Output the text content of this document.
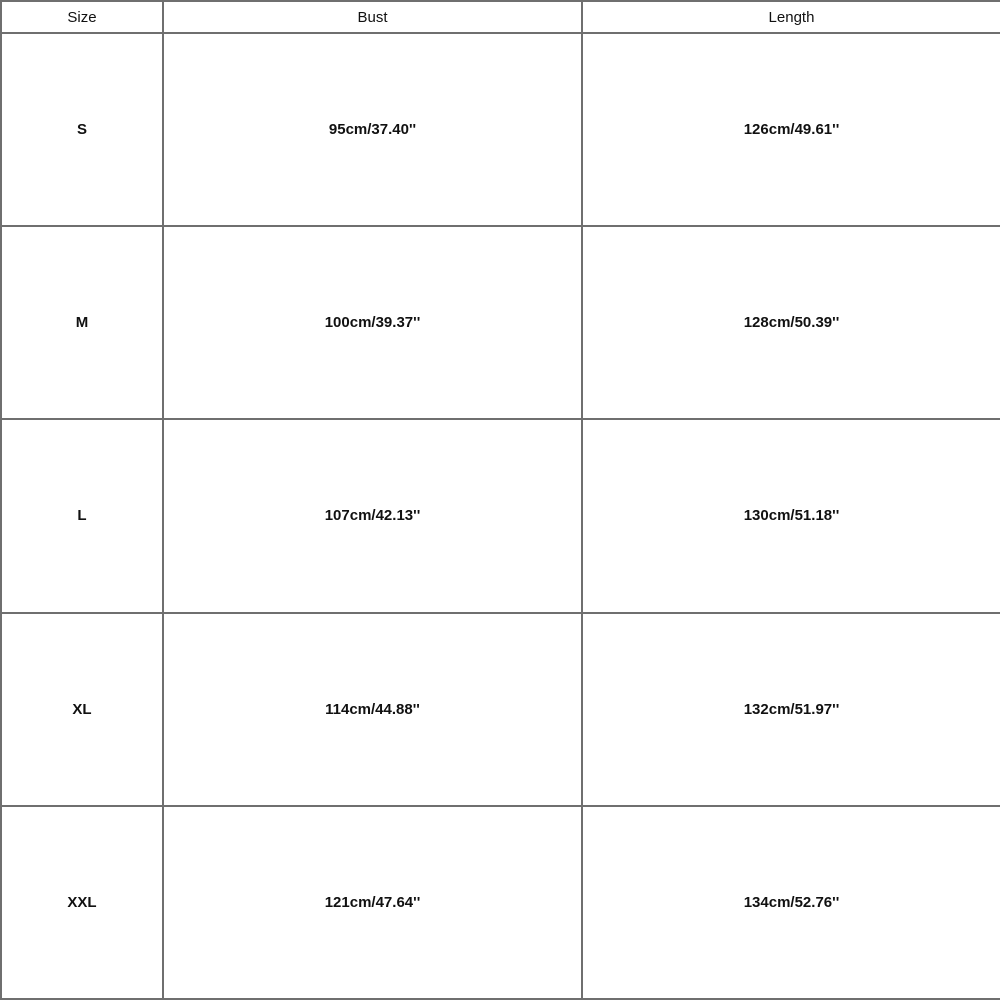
Size	Bust	Length
S	95cm/37.40''	126cm/49.61''
M	100cm/39.37''	128cm/50.39''
L	107cm/42.13''	130cm/51.18''
XL	114cm/44.88''	132cm/51.97''
XXL	121cm/47.64''	134cm/52.76''
